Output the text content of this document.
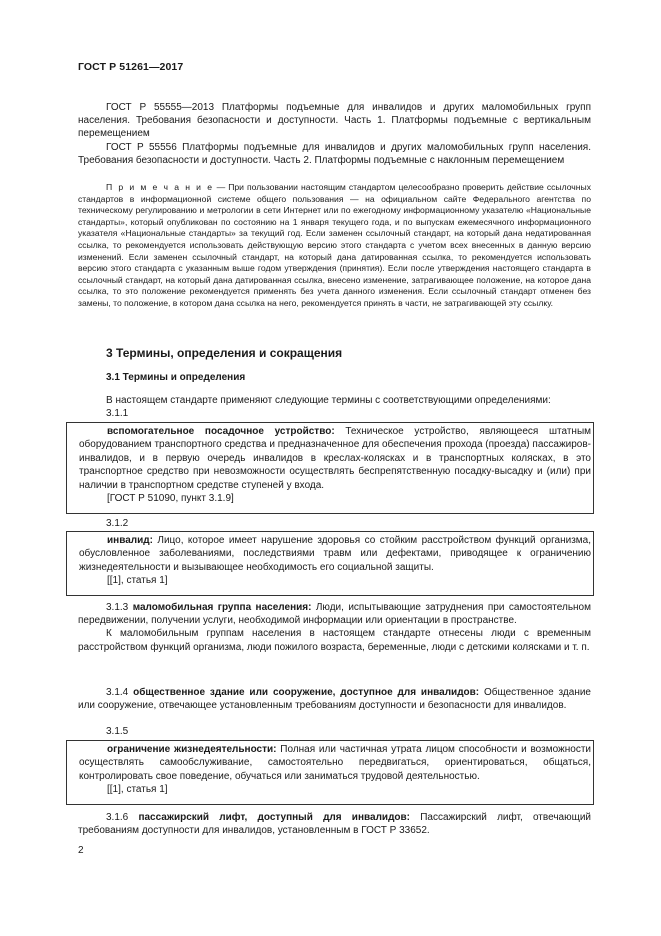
ГОСТ Р 51261—2017

ГОСТ Р 55555—2013 Платформы подъемные для инвалидов и других маломобильных групп населения. Требования безопасности и доступности. Часть 1. Платформы подъемные с вертикальным перемещением

ГОСТ Р 55556 Платформы подъемные для инвалидов и других маломобильных групп населения. Требования безопасности и доступности. Часть 2. Платформы подъемные с наклонным перемещением

П р и м е ч а н и е — При пользовании настоящим стандартом целесообразно проверить действие ссылочных стандартов в информационной системе общего пользования — на официальном сайте Федерального агентства по техническому регулированию и метрологии в сети Интернет или по ежегодному информационному указателю «Национальные стандарты», который опубликован по состоянию на 1 января текущего года, и по выпускам ежемесячного информационного указателя «Национальные стандарты» за текущий год. Если заменен ссылочный стандарт, на который дана недатированная ссылка, то рекомендуется использовать действующую версию этого стандарта с учетом всех внесенных в данную версию изменений. Если заменен ссылочный стандарт, на который дана датированная ссылка, то рекомендуется использовать версию этого стандарта с указанным выше годом утверждения (принятия). Если после утверждения настоящего стандарта в ссылочный стандарт, на который дана датированная ссылка, внесено изменение, затрагивающее положение, на которое дана ссылка, то это положение рекомендуется применять без учета данного изменения. Если ссылочный стандарт отменен без замены, то положение, в котором дана ссылка на него, рекомендуется принять в части, не затрагивающей эту ссылку.

3 Термины, определения и сокращения
3.1 Термины и определения
В настоящем стандарте применяют следующие термины с соответствующими определениями:
3.1.1

вспомогательное посадочное устройство: Техническое устройство, являющееся штатным оборудованием транспортного средства и предназначенное для обеспечения прохода (проезда) пассажиров-инвалидов, и в первую очередь инвалидов в креслах-колясках и в транспортных колясках, в это транспортное средство при невозможности осуществлять беспрепятственную посадку-высадку и (или) при наличии в транспортном средстве ступеней у входа.

[ГОСТ Р 51090, пункт 3.1.9]

3.1.2

инвалид: Лицо, которое имеет нарушение здоровья со стойким расстройством функций организма, обусловленное заболеваниями, последствиями травм или дефектами, приводящее к ограничению жизнедеятельности и вызывающее необходимость его социальной защиты.

[[1], статья 1]

3.1.3 маломобильная группа населения: Люди, испытывающие затруднения при самостоятельном передвижении, получении услуги, необходимой информации или ориентации в пространстве.

К маломобильным группам населения в настоящем стандарте отнесены люди с временным расстройством функций организма, люди пожилого возраста, беременные, люди с детскими колясками и т. п.

3.1.4 общественное здание или сооружение, доступное для инвалидов: Общественное здание или сооружение, отвечающее установленным требованиям доступности и безопасности для инвалидов.

3.1.5

ограничение жизнедеятельности: Полная или частичная утрата лицом способности и возможности осуществлять самообслуживание, самостоятельно передвигаться, ориентироваться, общаться, контролировать свое поведение, обучаться или заниматься трудовой деятельностью.

[[1], статья 1]

3.1.6 пассажирский лифт, доступный для инвалидов: Пассажирский лифт, отвечающий требованиям доступности для инвалидов, установленным в ГОСТ Р 33652.

2
